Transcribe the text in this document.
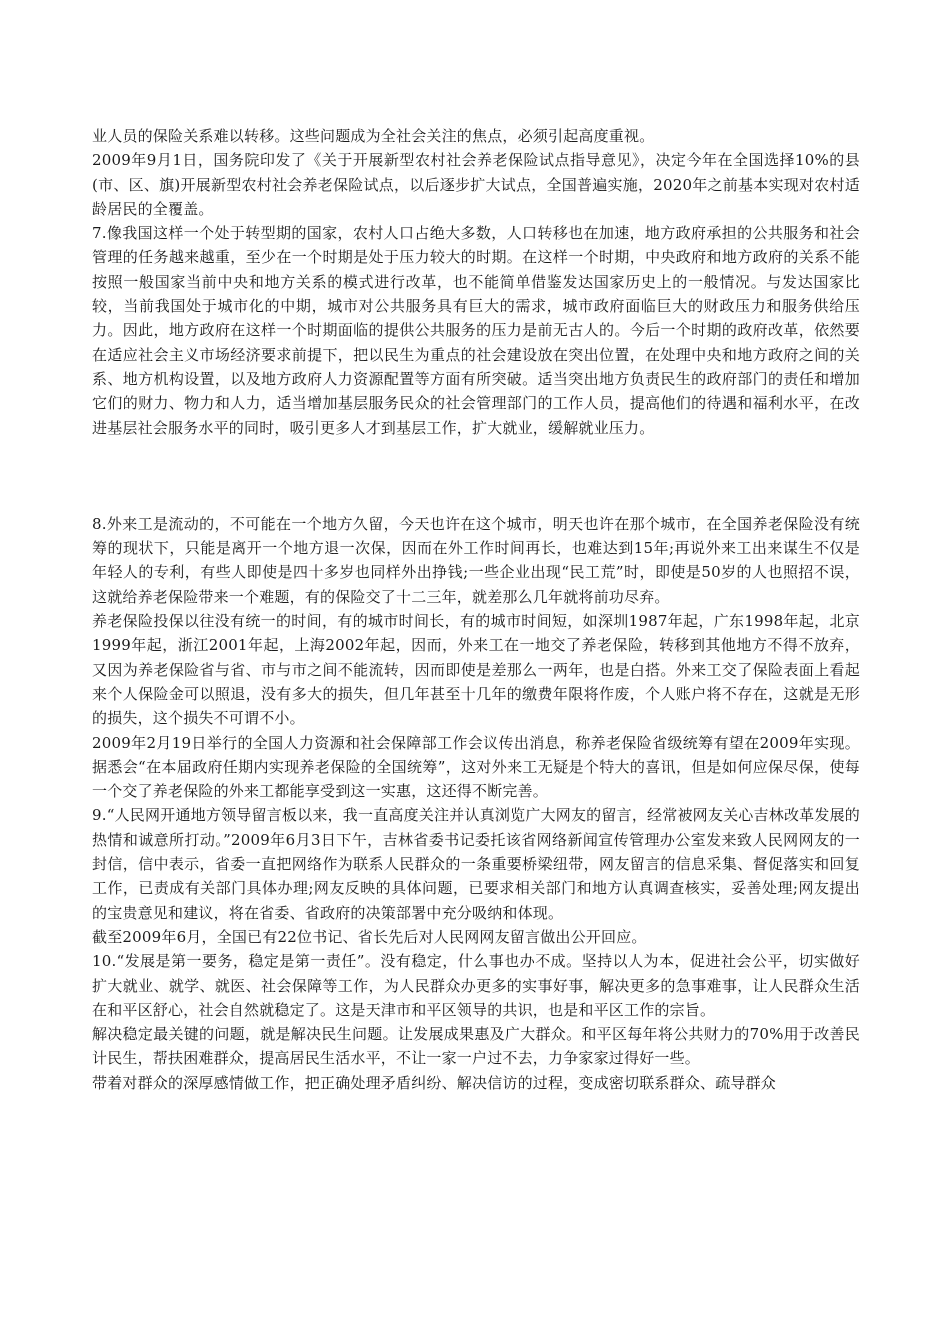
业人员的保险关系难以转移。这些问题成为全社会关注的焦点，必须引起高度重视。

2009年9月1日，国务院印发了《关于开展新型农村社会养老保险试点指导意见》，决定今年在全国选择10%的县(市、区、旗)开展新型农村社会养老保险试点，以后逐步扩大试点，全国普遍实施，2020年之前基本实现对农村适龄居民的全覆盖。

7.像我国这样一个处于转型期的国家，农村人口占绝大多数，人口转移也在加速，地方政府承担的公共服务和社会管理的任务越来越重，至少在一个时期是处于压力较大的时期。在这样一个时期，中央政府和地方政府的关系不能按照一般国家当前中央和地方关系的模式进行改革，也不能简单借鉴发达国家历史上的一般情况。与发达国家比较，当前我国处于城市化的中期，城市对公共服务具有巨大的需求，城市政府面临巨大的财政压力和服务供给压力。因此，地方政府在这样一个时期面临的提供公共服务的压力是前无古人的。今后一个时期的政府改革，依然要在适应社会主义市场经济要求前提下，把以民生为重点的社会建设放在突出位置，在处理中央和地方政府之间的关系、地方机构设置，以及地方政府人力资源配置等方面有所突破。适当突出地方负责民生的政府部门的责任和增加它们的财力、物力和人力，适当增加基层服务民众的社会管理部门的工作人员，提高他们的待遇和福利水平，在改进基层社会服务水平的同时，吸引更多人才到基层工作，扩大就业，缓解就业压力。

8.外来工是流动的，不可能在一个地方久留，今天也许在这个城市，明天也许在那个城市，在全国养老保险没有统筹的现状下，只能是离开一个地方退一次保，因而在外工作时间再长，也难达到15年;再说外来工出来谋生不仅是年轻人的专利，有些人即使是四十多岁也同样外出挣钱;一些企业出现“民工荒”时，即使是50岁的人也照招不误，这就给养老保险带来一个难题，有的保险交了十二三年，就差那么几年就将前功尽弃。

养老保险投保以往没有统一的时间，有的城市时间长，有的城市时间短，如深圳1987年起，广东1998年起，北京1999年起，浙江2001年起，上海2002年起，因而，外来工在一地交了养老保险，转移到其他地方不得不放弃，又因为养老保险省与省、市与市之间不能流转，因而即使是差那么一两年，也是白搭。外来工交了保险表面上看起来个人保险金可以照退，没有多大的损失，但几年甚至十几年的缴费年限将作废，个人账户将不存在，这就是无形的损失，这个损失不可谓不小。

2009年2月19日举行的全国人力资源和社会保障部工作会议传出消息，称养老保险省级统筹有望在2009年实现。据悉会“在本届政府任期内实现养老保险的全国统筹”，这对外来工无疑是个特大的喜讯，但是如何应保尽保，使每一个交了养老保险的外来工都能享受到这一实惠，这还得不断完善。

9.“人民网开通地方领导留言板以来，我一直高度关注并认真浏览广大网友的留言，经常被网友关心吉林改革发展的热情和诚意所打动。”2009年6月3日下午，吉林省委书记委托该省网络新闻宣传管理办公室发来致人民网网友的一封信，信中表示，省委一直把网络作为联系人民群众的一条重要桥梁纽带，网友留言的信息采集、督促落实和回复工作，已责成有关部门具体办理;网友反映的具体问题，已要求相关部门和地方认真调查核实，妥善处理;网友提出的宝贵意见和建议，将在省委、省政府的决策部署中充分吸纳和体现。

截至2009年6月，全国已有22位书记、省长先后对人民网网友留言做出公开回应。

10.“发展是第一要务，稳定是第一责任”。没有稳定，什么事也办不成。坚持以人为本，促进社会公平，切实做好扩大就业、就学、就医、社会保障等工作，为人民群众办更多的实事好事，解决更多的急事难事，让人民群众生活在和平区舒心，社会自然就稳定了。这是天津市和平区领导的共识，也是和平区工作的宗旨。

解决稳定最关键的问题，就是解决民生问题。让发展成果惠及广大群众。和平区每年将公共财力的70%用于改善民计民生，帮扶困难群众，提高居民生活水平，不让一家一户过不去，力争家家过得好一些。

带着对群众的深厚感情做工作，把正确处理矛盾纠纷、解决信访的过程，变成密切联系群众、疏导群众
